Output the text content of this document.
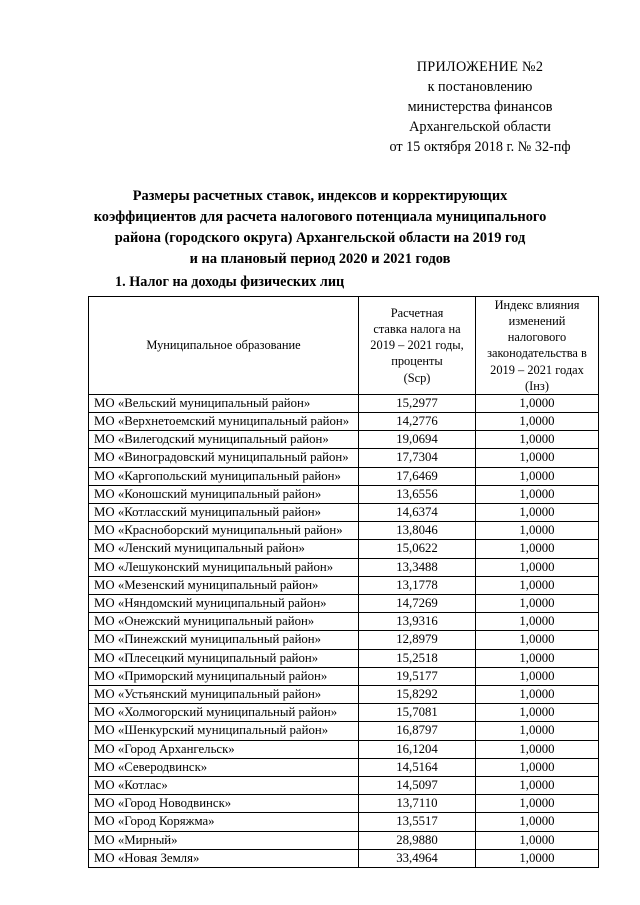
ПРИЛОЖЕНИЕ №2
к постановлению
министерства финансов
Архангельской области
от 15 октября 2018 г. № 32-пф
Размеры расчетных ставок, индексов и корректирующих
коэффициентов для расчета налогового потенциала муниципального
района (городского округа) Архангельской области на 2019 год
и на плановый период 2020 и 2021 годов
1. Налог на доходы физических лиц
Муниципальное образование

Расчетная
ставка налога на
2019 – 2021 годы,
проценты
(Sср)

Индекс влияния
изменений
налогового
законодательства в
2019 – 2021 годах
(Iнз)

МО «Вельский муниципальный район»	15,2977	1,0000
МО «Верхнетоемский муниципальный район»	14,2776	1,0000
МО «Вилегодский муниципальный район»	19,0694	1,0000
МО «Виноградовский муниципальный район»	17,7304	1,0000
МО «Каргопольский муниципальный район»	17,6469	1,0000
МО «Коношский муниципальный район»	13,6556	1,0000
МО «Котласский муниципальный район»	14,6374	1,0000
МО «Красноборский муниципальный район»	13,8046	1,0000
МО «Ленский муниципальный район»	15,0622	1,0000
МО «Лешуконский муниципальный район»	13,3488	1,0000
МО «Мезенский муниципальный район»	13,1778	1,0000
МО «Няндомский муниципальный район»	14,7269	1,0000
МО «Онежский муниципальный район»	13,9316	1,0000
МО «Пинежский муниципальный район»	12,8979	1,0000
МО «Плесецкий муниципальный район»	15,2518	1,0000
МО «Приморский муниципальный район»	19,5177	1,0000
МО «Устьянский муниципальный район»	15,8292	1,0000
МО «Холмогорский муниципальный район»	15,7081	1,0000
МО «Шенкурский муниципальный район»	16,8797	1,0000
МО «Город Архангельск»	16,1204	1,0000
МО «Северодвинск»	14,5164	1,0000
МО «Котлас»	14,5097	1,0000
МО «Город Новодвинск»	13,7110	1,0000
МО «Город Коряжма»	13,5517	1,0000
МО «Мирный»	28,9880	1,0000
МО «Новая Земля»	33,4964	1,0000
